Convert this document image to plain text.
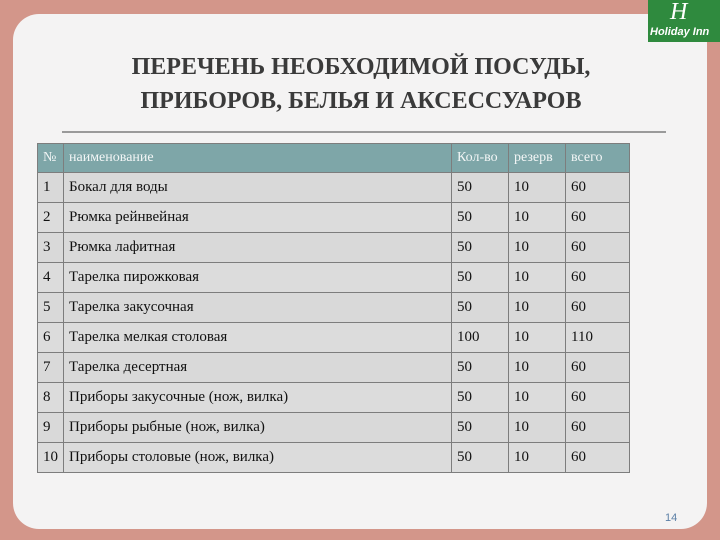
H
Holiday Inn
ПЕРЕЧЕНЬ НЕОБХОДИМОЙ ПОСУДЫ,
ПРИБОРОВ, БЕЛЬЯ И АКСЕССУАРОВ
№	наименование	Кол-во	резерв	всего
1	Бокал для воды	50	10	60
2	Рюмка рейнвейная	50	10	60
3	Рюмка лафитная	50	10	60
4	Тарелка пирожковая	50	10	60
5	Тарелка закусочная	50	10	60
6	Тарелка мелкая столовая	100	10	110
7	Тарелка десертная	50	10	60
8	Приборы закусочные (нож, вилка)	50	10	60
9	Приборы рыбные (нож, вилка)	50	10	60
10	Приборы столовые (нож, вилка)	50	10	60
14
